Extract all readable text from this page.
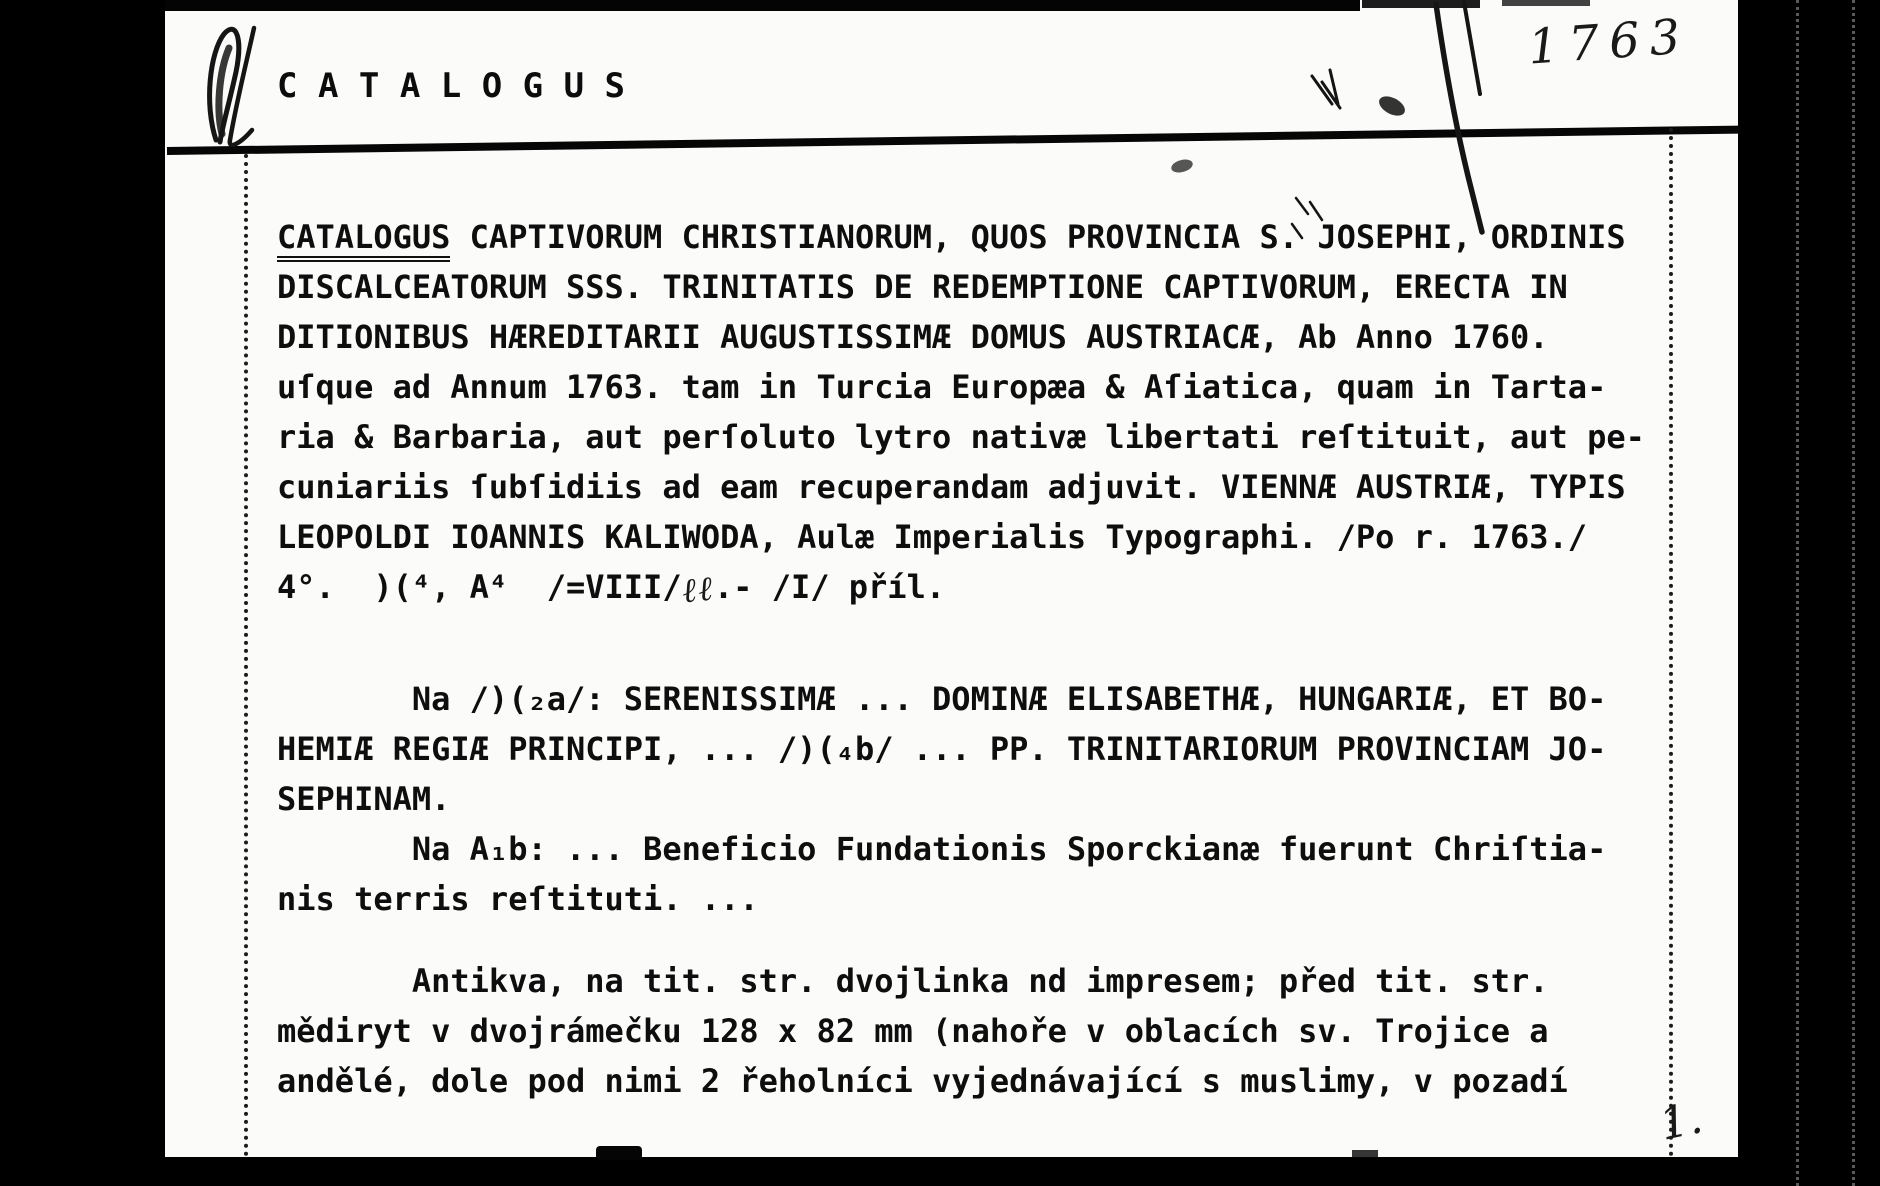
C A T A L O G U S
1763
1.
CATALOGUS CAPTIVORUM CHRISTIANORUM, QUOS PROVINCIA S. JOSEPHI, ORDINIS
DISCALCEATORUM SSS. TRINITATIS DE REDEMPTIONE CAPTIVORUM, ERECTA IN
DITIONIBUS HÆREDITARII AUGUSTISSIMÆ DOMUS AUSTRIACÆ, Ab Anno 1760.
uſque ad Annum 1763. tam in Turcia Europæa & Aſiatica, quam in Tarta-
ria & Barbaria, aut perſoluto lytro nativæ libertati reſtituit, aut pe-
cuniariis ſubſidiis ad eam recuperandam adjuvit. VIENNÆ AUSTRIÆ, TYPIS
LEOPOLDI IOANNIS KALIWODA, Aulæ Imperialis Typographi. /Po r. 1763./
4°.  )(⁴, A⁴  /=VIII/ℓℓ.- /I/ příl.
Na /)(₂a/: SERENISSIMÆ ... DOMINÆ ELISABETHÆ, HUNGARIÆ, ET BO-
HEMIÆ REGIÆ PRINCIPI, ... /)(₄b/ ... PP. TRINITARIORUM PROVINCIAM JO-
SEPHINAM.
Na A₁b: ... Beneficio Fundationis Sporckianæ fuerunt Chriſtia-
nis terris reſtituti. ...
Antikva, na tit. str. dvojlinka nd impresem; před tit. str.
mědiryt v dvojrámečku 128 x 82 mm (nahoře v oblacích sv. Trojice a
andělé, dole pod nimi 2 řeholníci vyjednávající s muslimy, v pozadí
